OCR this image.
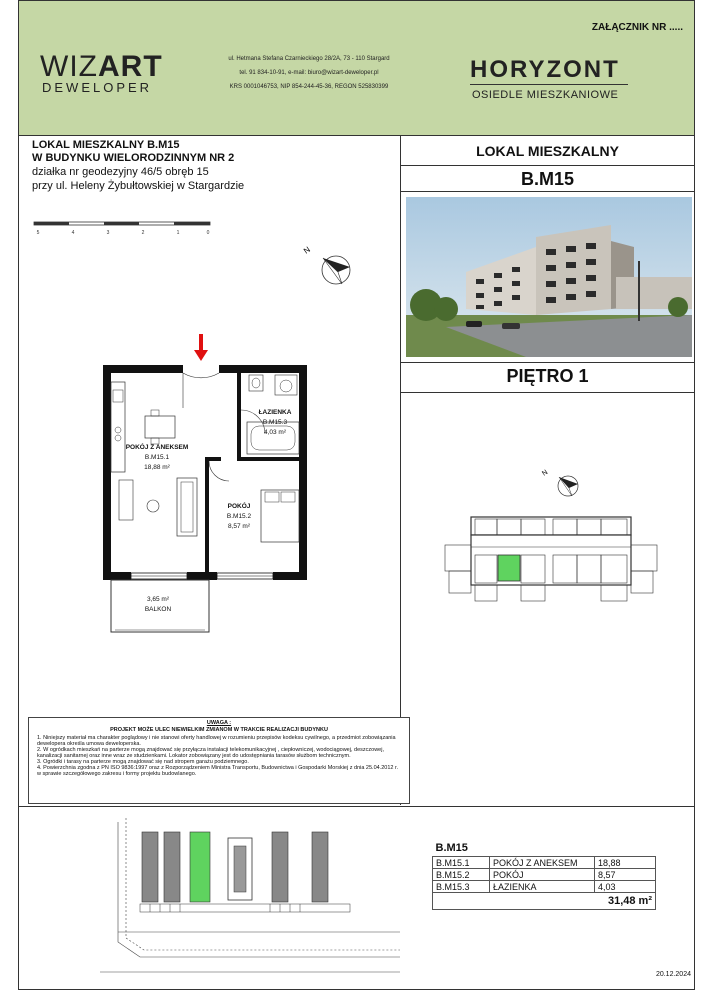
ZAŁĄCZNIK NR .....
WIZART
DEWELOPER
ul. Hetmana Stefana Czarnieckiego 28/2A, 73 - 110 Stargard
tel. 91 834-10-91, e-mail: biuro@wizart-deweloper.pl
KRS 0001046753, NIP 854-244-45-36, REGON 525830399
HORYZONT
OSIEDLE MIESZKANIOWE
LOKAL MIESZKALNY B.M15
W BUDYNKU WIELORODZINNYM NR 2
działka nr geodezyjny 46/5 obręb 15
przy ul. Heleny Żybułtowskiej w Stargardzie
5	4	3	2	1	0
N
ŁAZIENKA
B.M15.3
4,03 m²
POKÓJ Z ANEKSEM
B.M15.1
18,88 m²
POKÓJ
B.M15.2
8,57 m²
3,65 m²
BALKON
LOKAL MIESZKALNY
B.M15
PIĘTRO 1
N
UWAGA :
PROJEKT MOŻE ULEC NIEWIELKIM ZMIANOM W TRAKCIE REALIZACJI BUDYNKU
1. Niniejszy materiał ma charakter poglądowy i nie stanowi oferty handlowej w rozumieniu przepisów kodeksu cywilnego, a przedmiot zobowiązania dewelopera określa umowa deweloperska.
2. W ogródkach mieszkań na parterze mogą znajdować się przyłącza instalacji telekomunikacyjnej , ciepłowniczej, wodociągowej, deszczowej, kanalizacji sanitarnej oraz inne wraz ze studzienkami. Lokator zobowiązany jest do udostępniania tarasów służbom technicznym.
3. Ogródki i tarasy na parterze mogą znajdować się nad stropem garażu podziemnego.
4. Powierzchnia zgodna z PN ISO 9836:1997 oraz z Rozporządzeniem Ministra Transportu, Budownictwa i Gospodarki Morskiej z dnia 25.04.2012 r. w sprawie szczegółowego zakresu i formy projektu budowlanego.
B.M15		
B.M15.1	POKÓJ Z ANEKSEM	18,88
B.M15.2	POKÓJ	8,57
B.M15.3	ŁAZIENKA	4,03
31,48 m²		
20.12.2024
